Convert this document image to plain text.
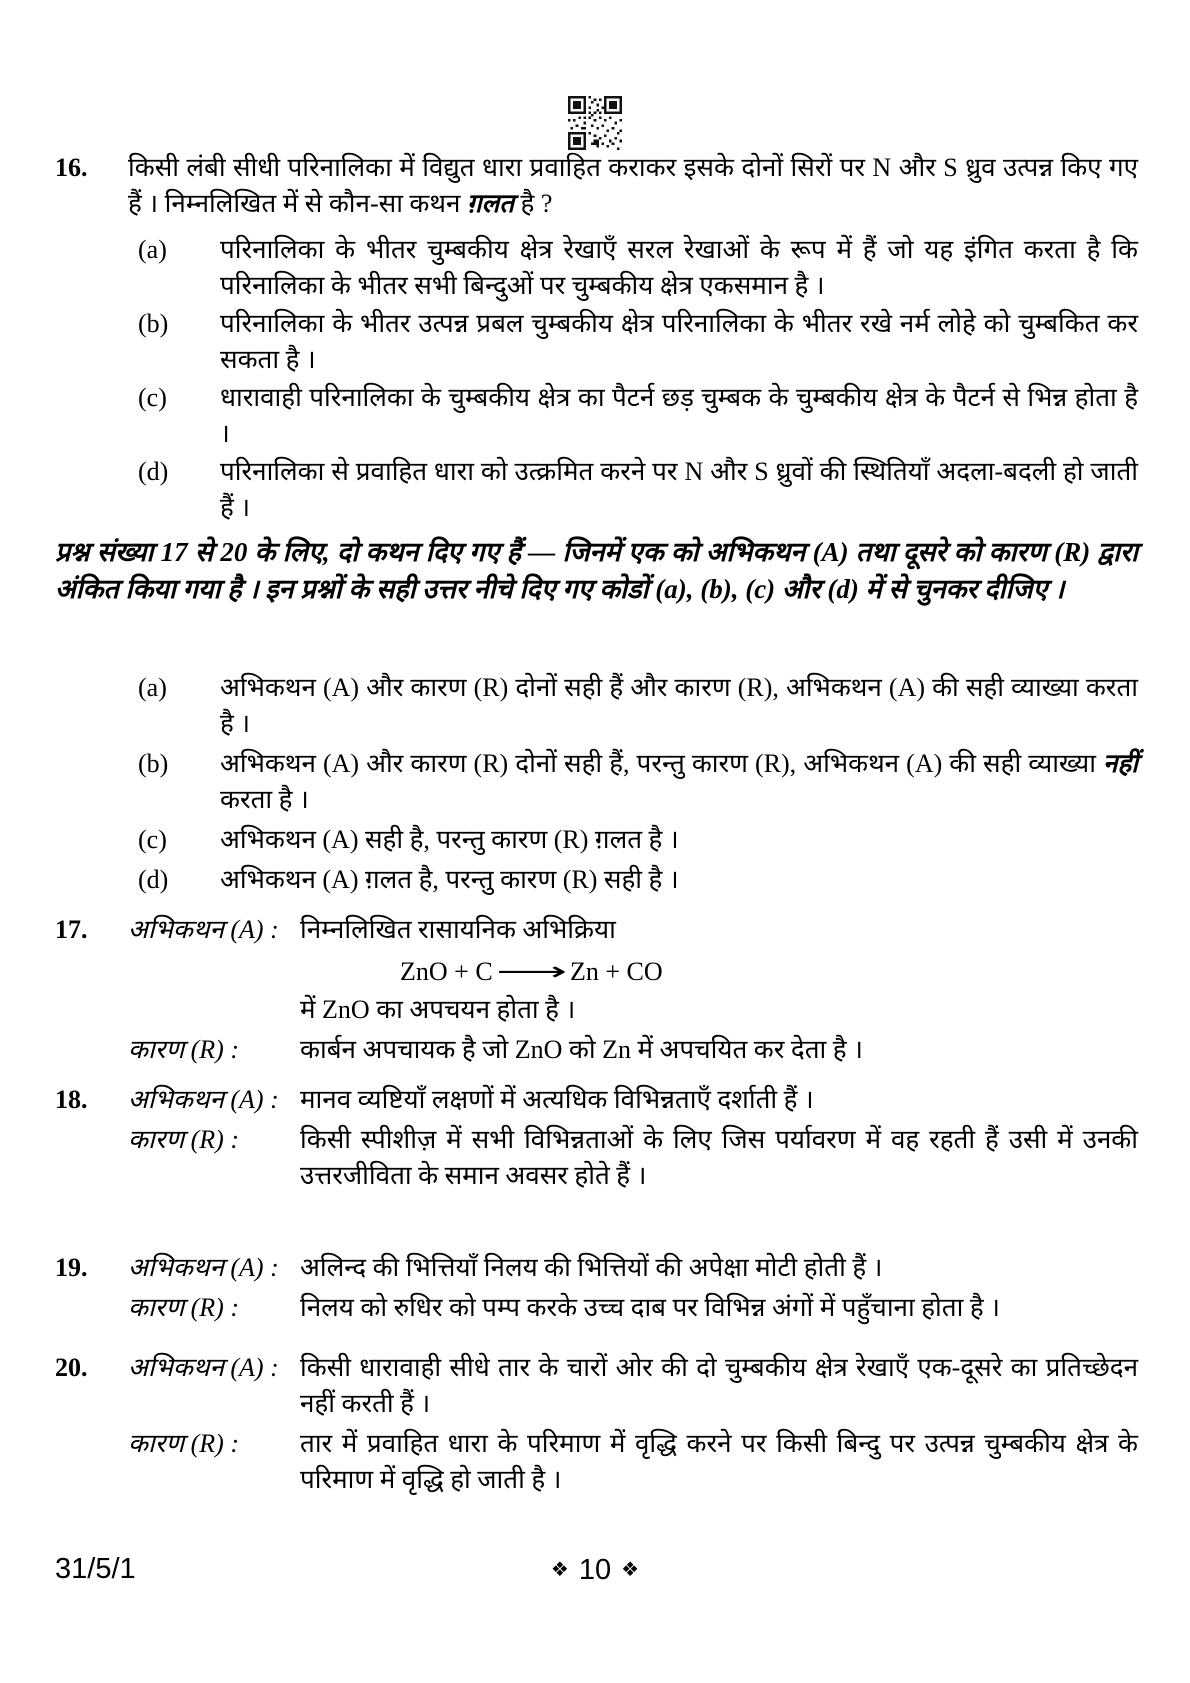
16.	किसी लंबी सीधी परिनालिका में विद्युत धारा प्रवाहित कराकर इसके दोनों सिरों पर N और S ध्रुव उत्पन्न किए गए हैं । निम्नलिखित में से कौन-सा कथन ग़लत है ?

(a)	परिनालिका के भीतर चुम्बकीय क्षेत्र रेखाएँ सरल रेखाओं के रूप में हैं जो यह इंगित करता है कि परिनालिका के भीतर सभी बिन्दुओं पर चुम्बकीय क्षेत्र एकसमान है ।
(b)	परिनालिका के भीतर उत्पन्न प्रबल चुम्बकीय क्षेत्र परिनालिका के भीतर रखे नर्म लोहे को चुम्बकित कर सकता है ।
(c)	धारावाही परिनालिका के चुम्बकीय क्षेत्र का पैटर्न छड़ चुम्बक के चुम्बकीय क्षेत्र के पैटर्न से भिन्न होता है ।
(d)	परिनालिका से प्रवाहित धारा को उत्क्रमित करने पर N और S ध्रुवों की स्थितियाँ अदला-बदली हो जाती हैं ।

प्रश्न संख्या 17 से 20 के लिए, दो कथन दिए गए हैं — जिनमें एक को अभिकथन (A) तथा दूसरे को कारण (R) द्वारा अंकित किया गया है । इन प्रश्नों के सही उत्तर नीचे दिए गए कोडों (a), (b), (c) और (d) में से चुनकर दीजिए ।

(a)	अभिकथन (A) और कारण (R) दोनों सही हैं और कारण (R), अभिकथन (A) की सही व्याख्या करता है ।
(b)	अभिकथन (A) और कारण (R) दोनों सही हैं, परन्तु कारण (R), अभिकथन (A) की सही व्याख्या नहीं करता है ।
(c)	अभिकथन (A) सही है, परन्तु कारण (R) ग़लत है ।
(d)	अभिकथन (A) ग़लत है, परन्तु कारण (R) सही है ।
17.	अभिकथन (A) : निम्नलिखित रासायनिक अभिक्रिया

ZnO + C ⟶ Zn + CO

में ZnO का अपचयन होता है ।

कारण (R) :	कार्बन अपचायक है जो ZnO को Zn में अपचयित कर देता है ।
18.	अभिकथन (A) : मानव व्यष्टियाँ लक्षणों में अत्यधिक विभिन्नताएँ दर्शाती हैं ।
कारण (R) :	किसी स्पीशीज़ में सभी विभिन्नताओं के लिए जिस पर्यावरण में वह रहती हैं उसी में उनकी उत्तरजीविता के समान अवसर होते हैं ।
19.	अभिकथन (A) : अलिन्द की भित्तियाँ निलय की भित्तियों की अपेक्षा मोटी होती हैं ।
कारण (R) :	निलय को रुधिर को पम्प करके उच्च दाब पर विभिन्न अंगों में पहुँचाना होता है ।
20.	अभिकथन (A) : किसी धारावाही सीधे तार के चारों ओर की दो चुम्बकीय क्षेत्र रेखाएँ एक-दूसरे का प्रतिच्छेदन नहीं करती हैं ।
कारण (R) :	तार में प्रवाहित धारा के परिमाण में वृद्धि करने पर किसी बिन्दु पर उत्पन्न चुम्बकीय क्षेत्र के परिमाण में वृद्धि हो जाती है ।
31/5/1	❖ 10 ❖
